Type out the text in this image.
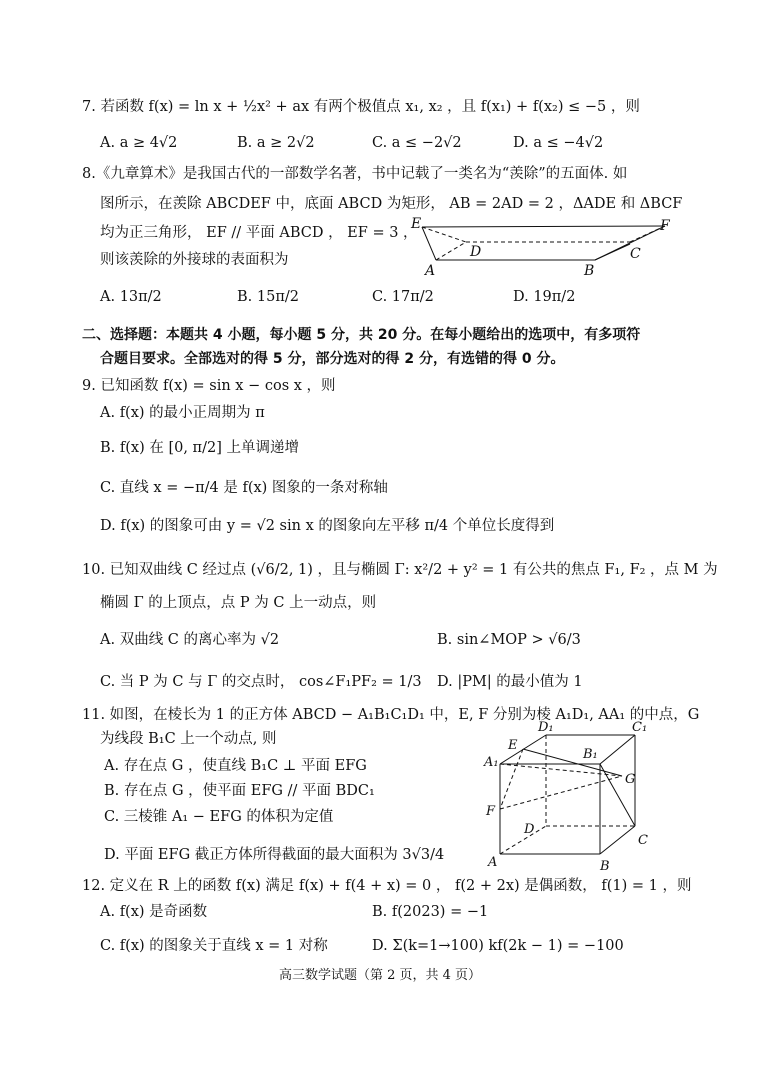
7. 若函数 f(x) = ln x + ½x² + ax 有两个极值点 x₁, x₂ ，且 f(x₁) + f(x₂) ≤ −5 ，则
A. a ≥ 4√2	B. a ≥ 2√2	C. a ≤ −2√2	D. a ≤ −4√2
8.《九章算术》是我国古代的一部数学名著，书中记载了一类名为“羡除”的五面体. 如
图所示，在羡除 ABCDEF 中，底面 ABCD 为矩形， AB = 2AD = 2 ，ΔADE 和 ΔBCF
均为正三角形， EF // 平面 ABCD ， EF = 3 ，
则该羡除的外接球的表面积为
E	F
D	C
A	B
A. 13π/2	B. 15π/2	C. 17π/2	D. 19π/2
二、选择题：本题共 4 小题，每小题 5 分，共 20 分。在每小题给出的选项中，有多项符
合题目要求。全部选对的得 5 分，部分选对的得 2 分，有选错的得 0 分。
9. 已知函数 f(x) = sin x − cos x ，则
A. f(x) 的最小正周期为 π
B. f(x) 在 [0, π/2] 上单调递增
C. 直线 x = −π/4 是 f(x) 图象的一条对称轴
D. f(x) 的图象可由 y = √2 sin x 的图象向左平移 π/4 个单位长度得到
10. 已知双曲线 C 经过点 (√6/2, 1) ，且与椭圆 Γ: x²/2 + y² = 1 有公共的焦点 F₁, F₂ ，点 M 为
椭圆 Γ 的上顶点，点 P 为 C 上一动点，则
A. 双曲线 C 的离心率为 √2	B. sin∠MOP > √6/3
C. 当 P 为 C 与 Γ 的交点时， cos∠F₁PF₂ = 1/3 D. |PM| 的最小值为 1
11. 如图，在棱长为 1 的正方体 ABCD − A₁B₁C₁D₁ 中，E, F 分别为棱 A₁D₁, AA₁ 的中点，G
为线段 B₁C 上一个动点, 则
A. 存在点 G ，使直线 B₁C ⊥ 平面 EFG
B. 存在点 G ，使平面 EFG // 平面 BDC₁
C. 三棱锥 A₁ − EFG 的体积为定值
D. 平面 EFG 截正方体所得截面的最大面积为 3√3/4
D₁	C₁
E
B₁
A₁
G
F
D
C
A	B
12. 定义在 R 上的函数 f(x) 满足 f(x) + f(4 + x) = 0 ， f(2 + 2x) 是偶函数， f(1) = 1 ，则
A. f(x) 是奇函数	B. f(2023) = −1
C. f(x) 的图象关于直线 x = 1 对称	D. Σ(k=1→100) kf(2k − 1) = −100
高三数学试题（第 2 页，共 4 页）
